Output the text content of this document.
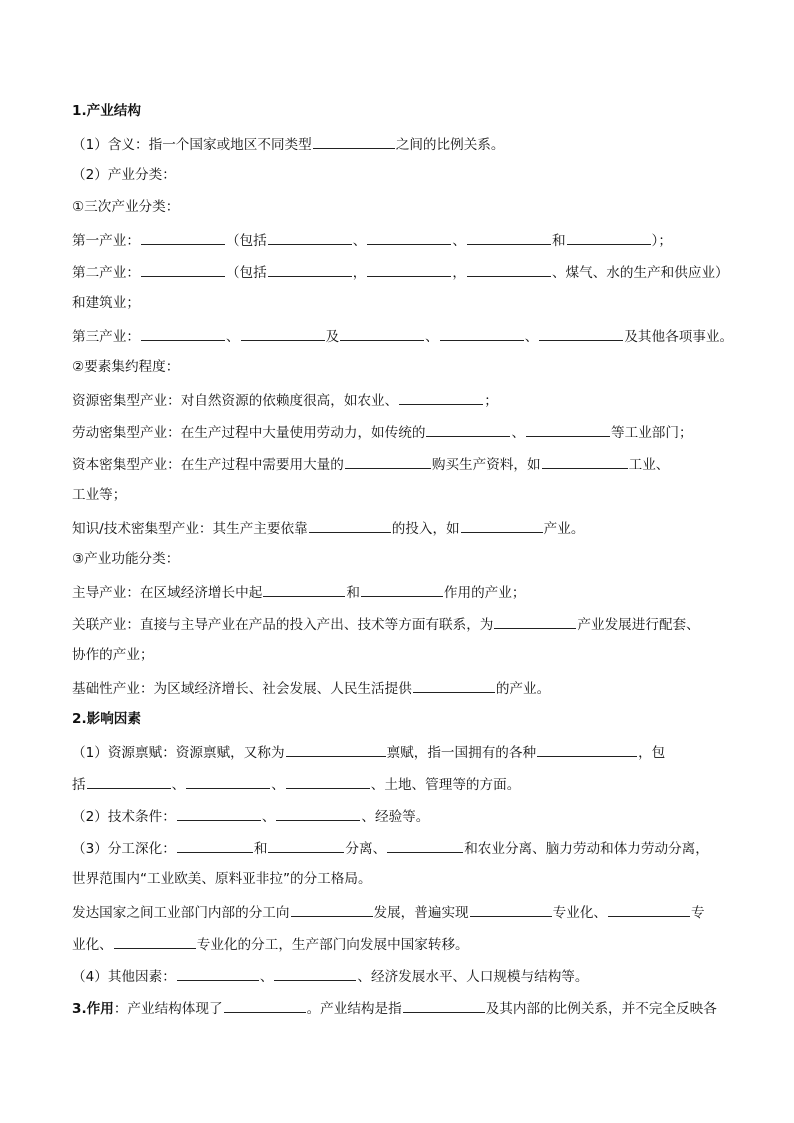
1.产业结构
（1）含义：指一个国家或地区不同类型	之间的比例关系。
（2）产业分类：
①三次产业分类：
第一产业：	（包括	、	、	和	）；
第二产业：	（包括	，	，	、煤气、水的生产和供应业）
和建筑业；
第三产业：	、	及	、	、	及其他各项事业。
②要素集约程度：
资源密集型产业：对自然资源的依赖度很高，如农业、	；
劳动密集型产业：在生产过程中大量使用劳动力，如传统的	、	等工业部门；
资本密集型产业：在生产过程中需要用大量的	购买生产资料，如	工业、
工业等；
知识/技术密集型产业：其生产主要依靠	的投入，如	产业。
③产业功能分类：
主导产业：在区域经济增长中起	和	作用的产业；
关联产业：直接与主导产业在产品的投入产出、技术等方面有联系，为	产业发展进行配套、
协作的产业；
基础性产业：为区域经济增长、社会发展、人民生活提供	的产业。
2.影响因素
（1）资源禀赋：资源禀赋，又称为	禀赋，指一国拥有的各种	，包
括	、	、	、土地、管理等的方面。
（2）技术条件：	、	、经验等。
（3）分工深化：	和	分离、	和农业分离、脑力劳动和体力劳动分离，
世界范围内“工业欧美、原料亚非拉”的分工格局。
发达国家之间工业部门内部的分工向	发展，普遍实现	专业化、	专
业化、	专业化的分工，生产部门向发展中国家转移。
（4）其他因素：	、	、经济发展水平、人口规模与结构等。
3.作用：产业结构体现了	。产业结构是指	及其内部的比例关系，并不完全反映各
